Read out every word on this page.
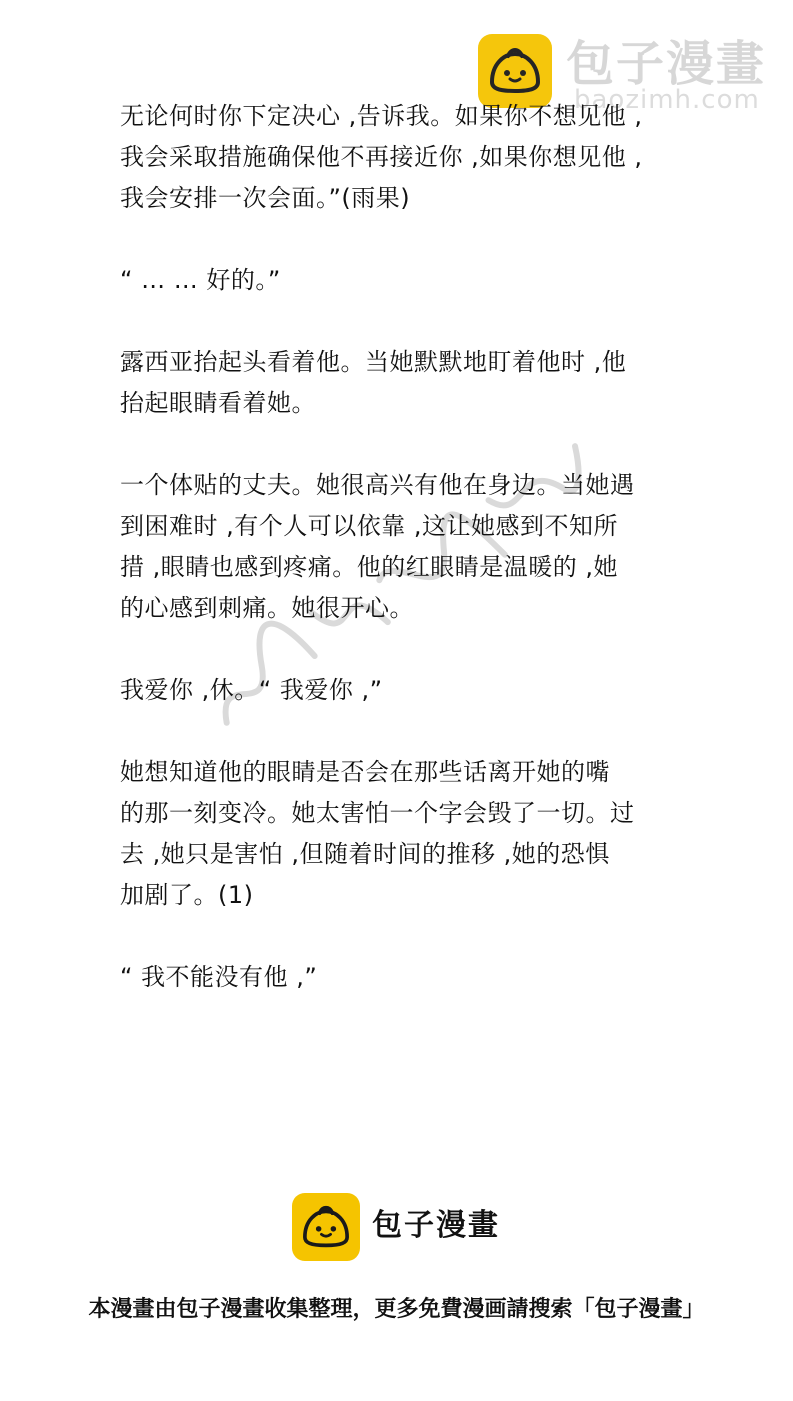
包子漫畫
baozimh.com

无论何时你下定决心 ,告诉我。如果你不想见他 ,
我会采取措施确保他不再接近你 ,如果你想见他 ,
我会安排一次会面。”(雨果)

“ … … 好的。”

露西亚抬起头看着他。当她默默地盯着他时 ,他
抬起眼睛看着她。

一个体贴的丈夫。她很高兴有他在身边。当她遇
到困难时 ,有个人可以依靠 ,这让她感到不知所
措 ,眼睛也感到疼痛。他的红眼睛是温暖的 ,她
的心感到刺痛。她很开心。

我爱你 ,休。“ 我爱你 ,”

她想知道他的眼睛是否会在那些话离开她的嘴
的那一刻变冷。她太害怕一个字会毁了一切。过
去 ,她只是害怕 ,但随着时间的推移 ,她的恐惧
加剧了。(1)

“ 我不能没有他 ,”

包子漫畫
本漫畫由包子漫畫收集整理，更多免費漫画請搜索「包子漫畫」
